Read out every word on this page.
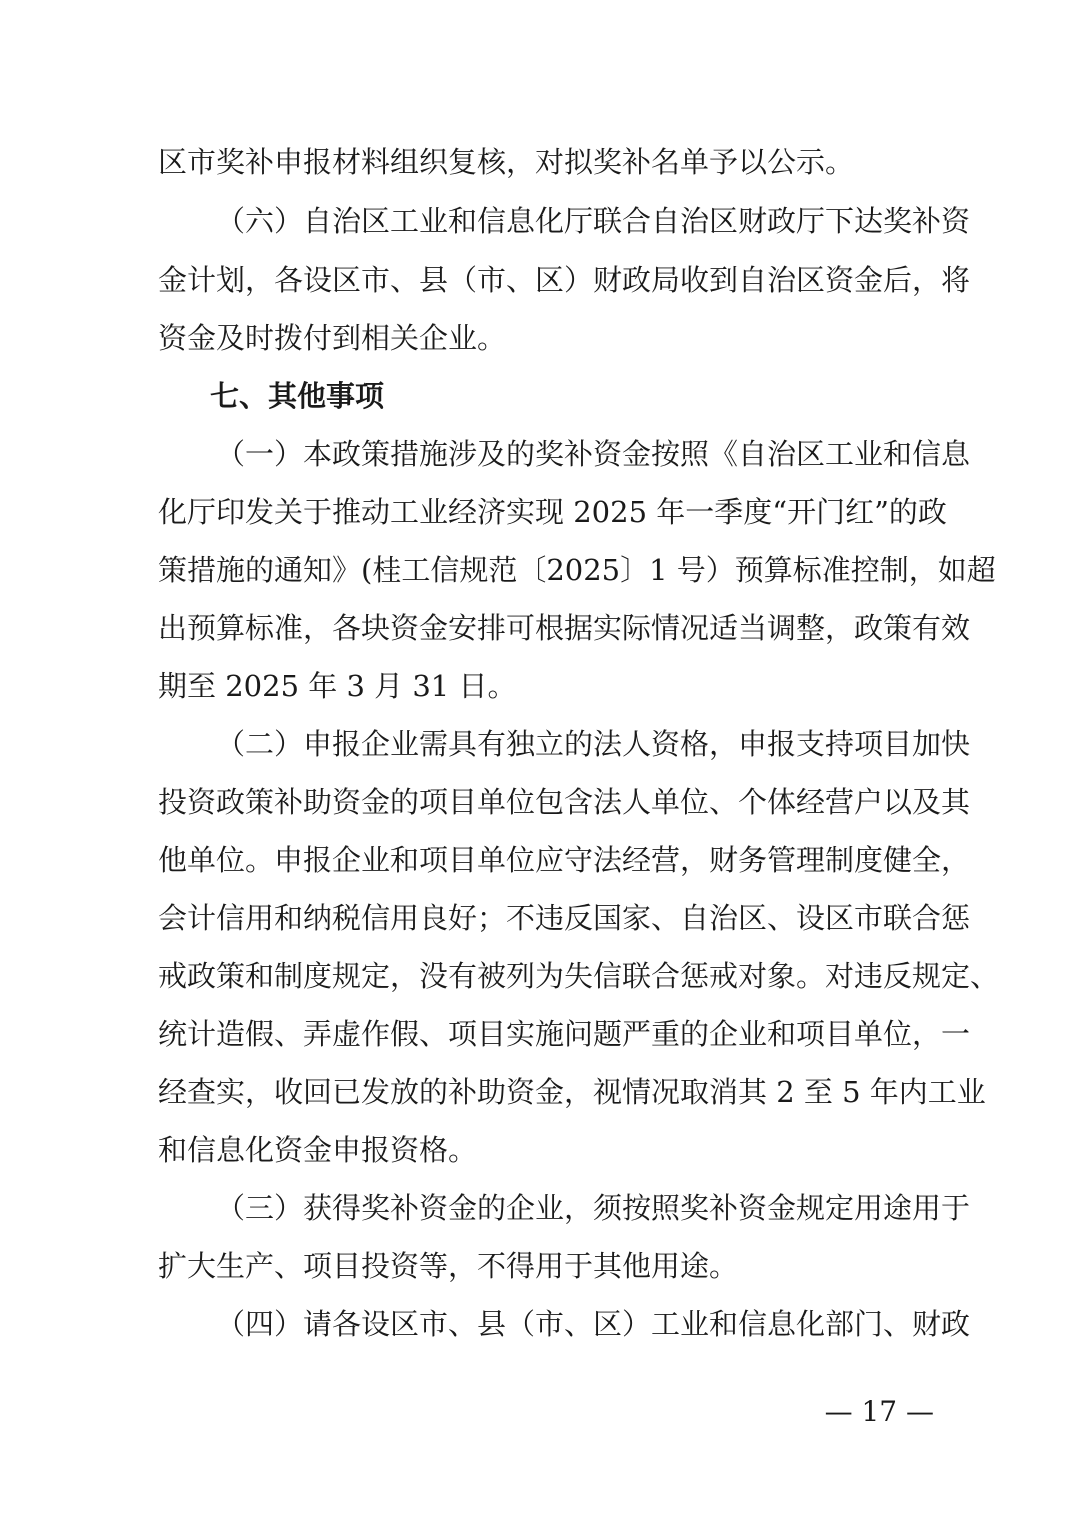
区市奖补申报材料组织复核，对拟奖补名单予以公示。
（六）自治区工业和信息化厅联合自治区财政厅下达奖补资
金计划，各设区市、县（市、区）财政局收到自治区资金后，将
资金及时拨付到相关企业。
七、其他事项
（一）本政策措施涉及的奖补资金按照《自治区工业和信息
化厅印发关于推动工业经济实现 2025 年一季度“开门红”的政
策措施的通知》(桂工信规范〔2025〕1 号）预算标准控制，如超
出预算标准，各块资金安排可根据实际情况适当调整，政策有效
期至 2025 年 3 月 31 日。
（二）申报企业需具有独立的法人资格，申报支持项目加快
投资政策补助资金的项目单位包含法人单位、个体经营户以及其
他单位。申报企业和项目单位应守法经营，财务管理制度健全，
会计信用和纳税信用良好；不违反国家、自治区、设区市联合惩
戒政策和制度规定，没有被列为失信联合惩戒对象。对违反规定、
统计造假、弄虚作假、项目实施问题严重的企业和项目单位，一
经查实，收回已发放的补助资金，视情况取消其 2 至 5 年内工业
和信息化资金申报资格。
（三）获得奖补资金的企业，须按照奖补资金规定用途用于
扩大生产、项目投资等，不得用于其他用途。
（四）请各设区市、县（市、区）工业和信息化部门、财政
— 17 —
